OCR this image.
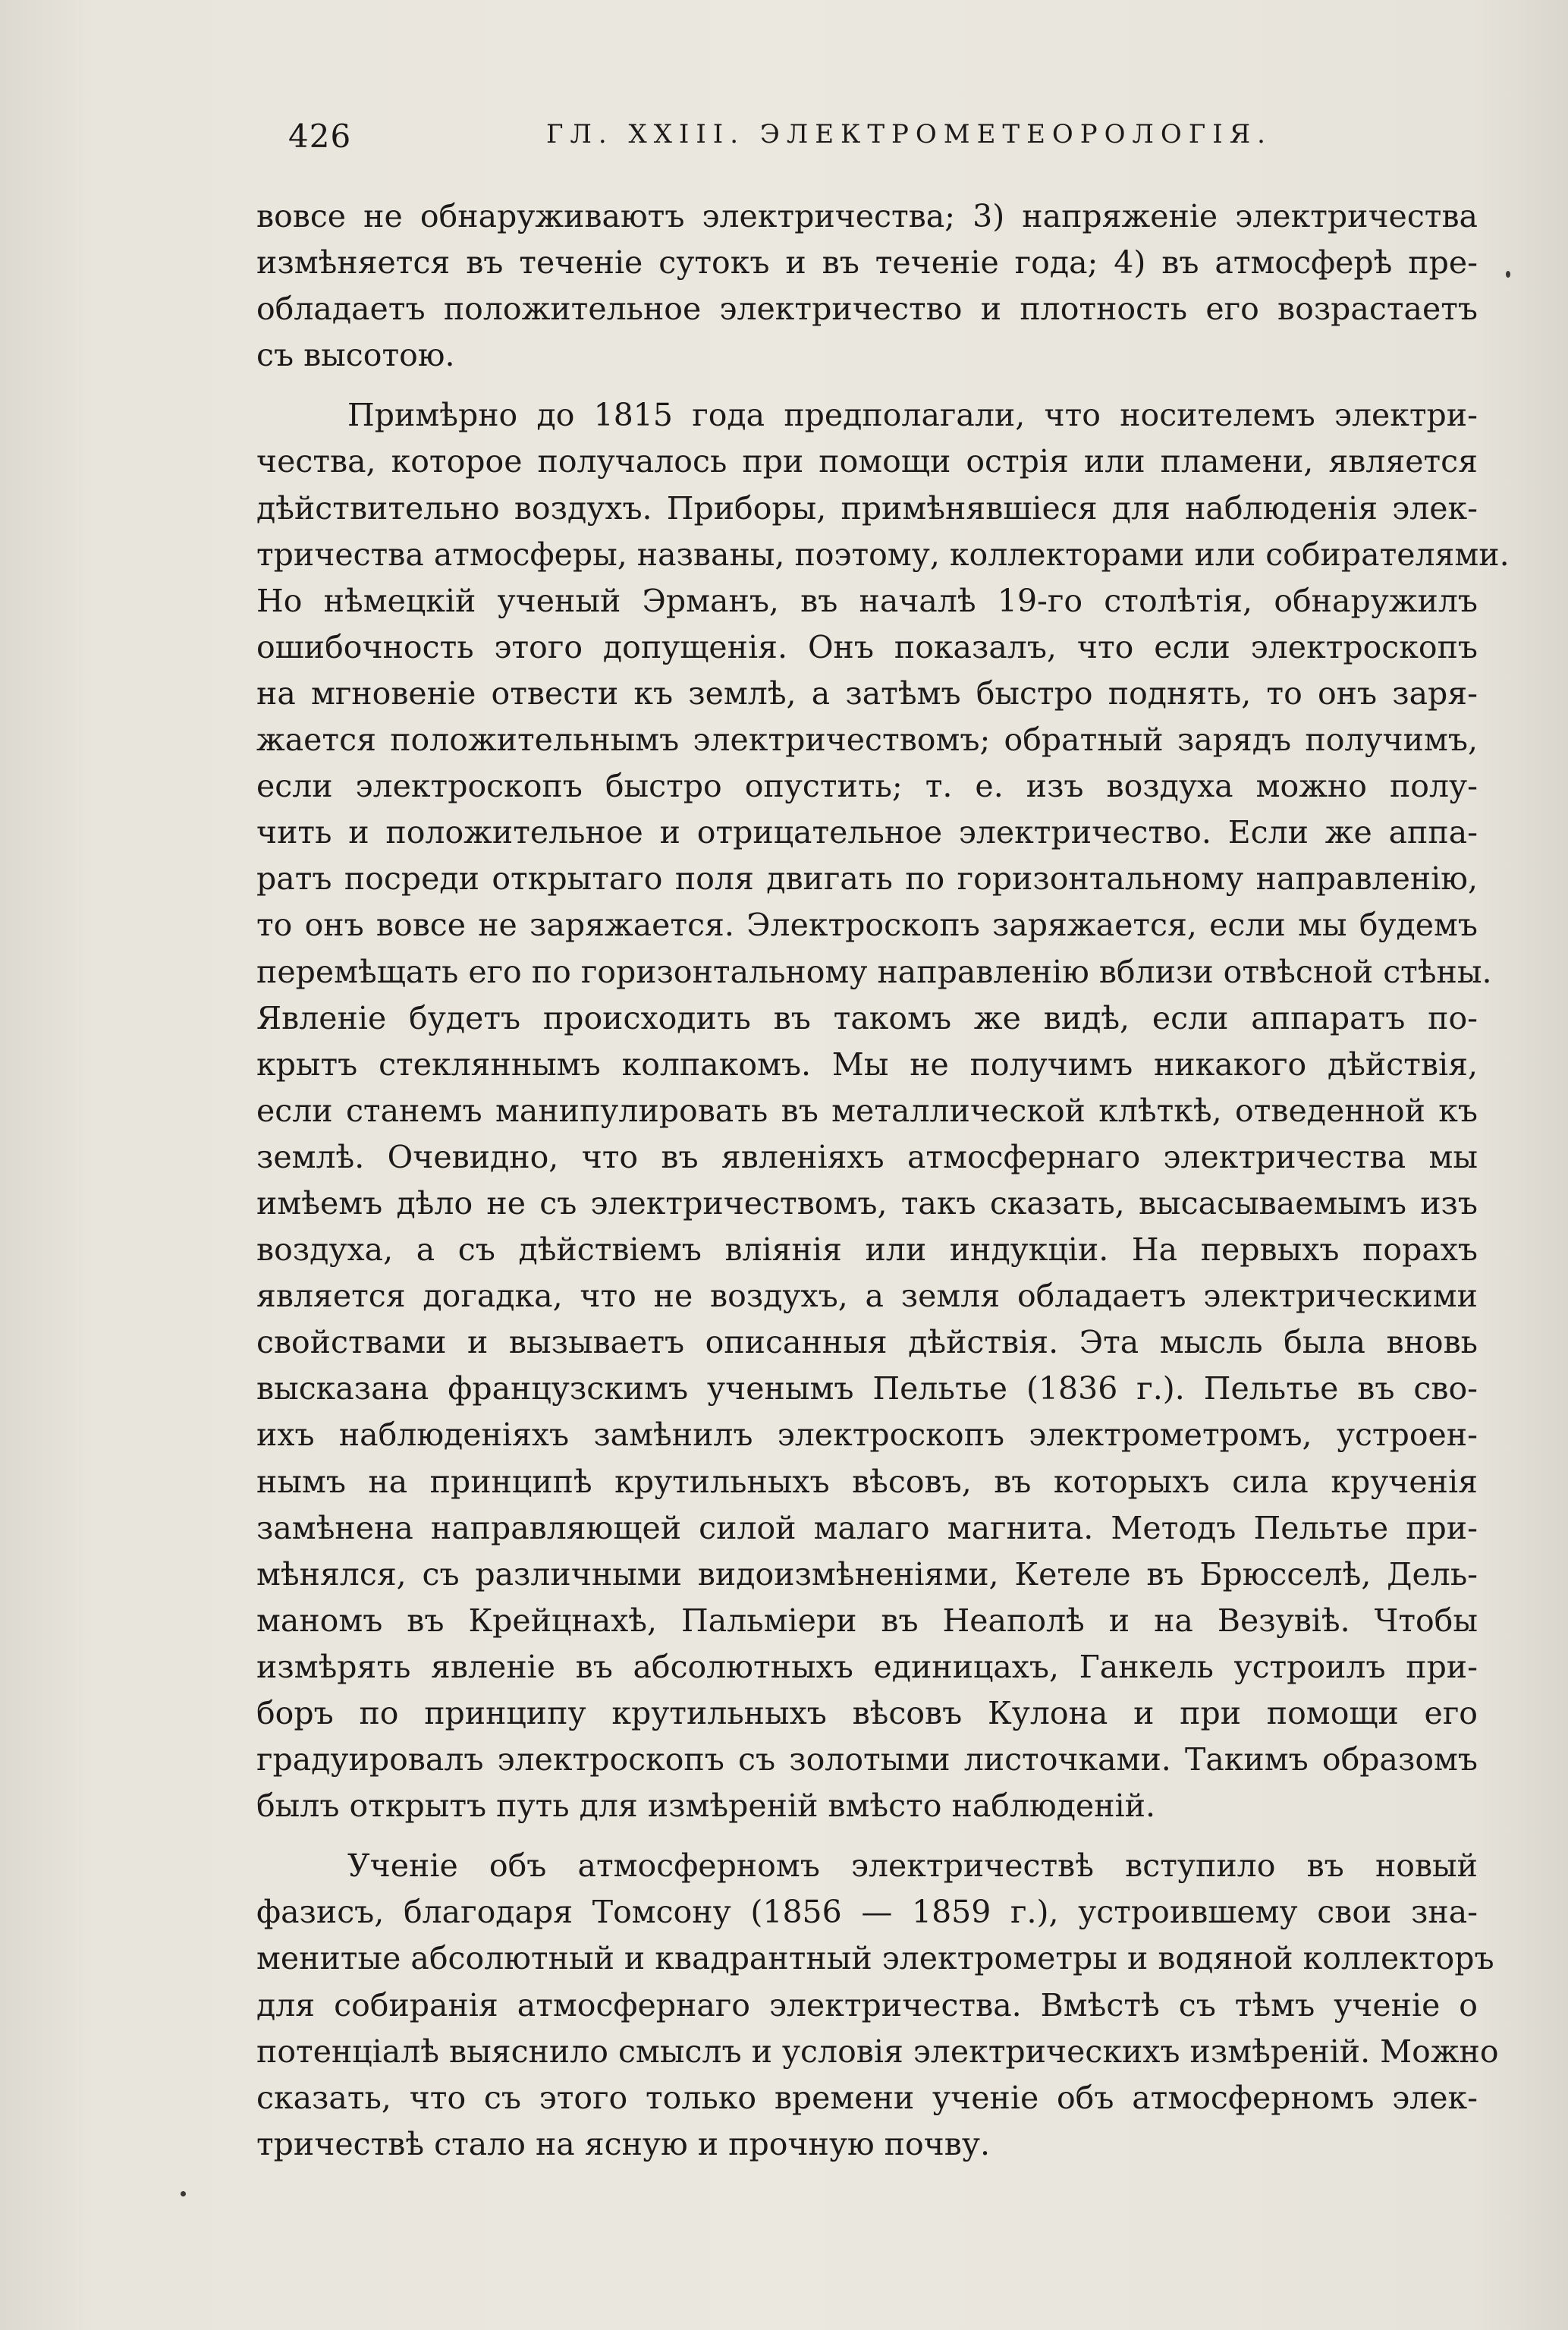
426	ГЛ. XXIII. ЭЛЕКТРОМЕТЕОРОЛОГІЯ.
вовсе не обнаруживаютъ электричества; 3) напряженіе электричества
измѣняется въ теченіе сутокъ и въ теченіе года; 4) въ атмосферѣ пре-
обладаетъ положительное электричество и плотность его возрастаетъ
съ высотою.
Примѣрно до 1815 года предполагали, что носителемъ электри-
чества, которое получалось при помощи острія или пламени, является
дѣйствительно воздухъ. Приборы, примѣнявшіеся для наблюденія элек-
тричества атмосферы, названы, поэтому, коллекторами или собирателями.
Но нѣмецкій ученый Эрманъ, въ началѣ 19-го столѣтія, обнаружилъ
ошибочность этого допущенія. Онъ показалъ, что если электроскопъ
на мгновеніе отвести къ землѣ, а затѣмъ быстро поднять, то онъ заря-
жается положительнымъ электричествомъ; обратный зарядъ получимъ,
если электроскопъ быстро опустить; т. е. изъ воздуха можно полу-
чить и положительное и отрицательное электричество. Если же аппа-
ратъ посреди открытаго поля двигать по горизонтальному направленію,
то онъ вовсе не заряжается. Электроскопъ заряжается, если мы будемъ
перемѣщать его по горизонтальному направленію вблизи отвѣсной стѣны.
Явленіе будетъ происходить въ такомъ же видѣ, если аппаратъ по-
крытъ стекляннымъ колпакомъ. Мы не получимъ никакого дѣйствія,
если станемъ манипулировать въ металлической клѣткѣ, отведенной къ
землѣ. Очевидно, что въ явленіяхъ атмосфернаго электричества мы
имѣемъ дѣло не съ электричествомъ, такъ сказать, высасываемымъ изъ
воздуха, а съ дѣйствіемъ вліянія или индукціи. На первыхъ порахъ
является догадка, что не воздухъ, а земля обладаетъ электрическими
свойствами и вызываетъ описанныя дѣйствія. Эта мысль была вновь
высказана французскимъ ученымъ Пельтье (1836 г.). Пельтье въ сво-
ихъ наблюденіяхъ замѣнилъ электроскопъ электрометромъ, устроен-
нымъ на принципѣ крутильныхъ вѣсовъ, въ которыхъ сила крученія
замѣнена направляющей силой малаго магнита. Методъ Пельтье при-
мѣнялся, съ различными видоизмѣненіями, Кетеле въ Брюсселѣ, Дель-
маномъ въ Крейцнахѣ, Пальміери въ Неаполѣ и на Везувіѣ. Чтобы
измѣрять явленіе въ абсолютныхъ единицахъ, Ганкель устроилъ при-
боръ по принципу крутильныхъ вѣсовъ Кулона и при помощи его
градуировалъ электроскопъ съ золотыми листочками. Такимъ образомъ
былъ открытъ путь для измѣреній вмѣсто наблюденій.
Ученіе объ атмосферномъ электричествѣ вступило въ новый
фазисъ, благодаря Томсону (1856 — 1859 г.), устроившему свои зна-
менитые абсолютный и квадрантный электрометры и водяной коллекторъ
для собиранія атмосфернаго электричества. Вмѣстѣ съ тѣмъ ученіе о
потенціалѣ выяснило смыслъ и условія электрическихъ измѣреній. Можно
сказать, что съ этого только времени ученіе объ атмосферномъ элек-
тричествѣ стало на ясную и прочную почву.
